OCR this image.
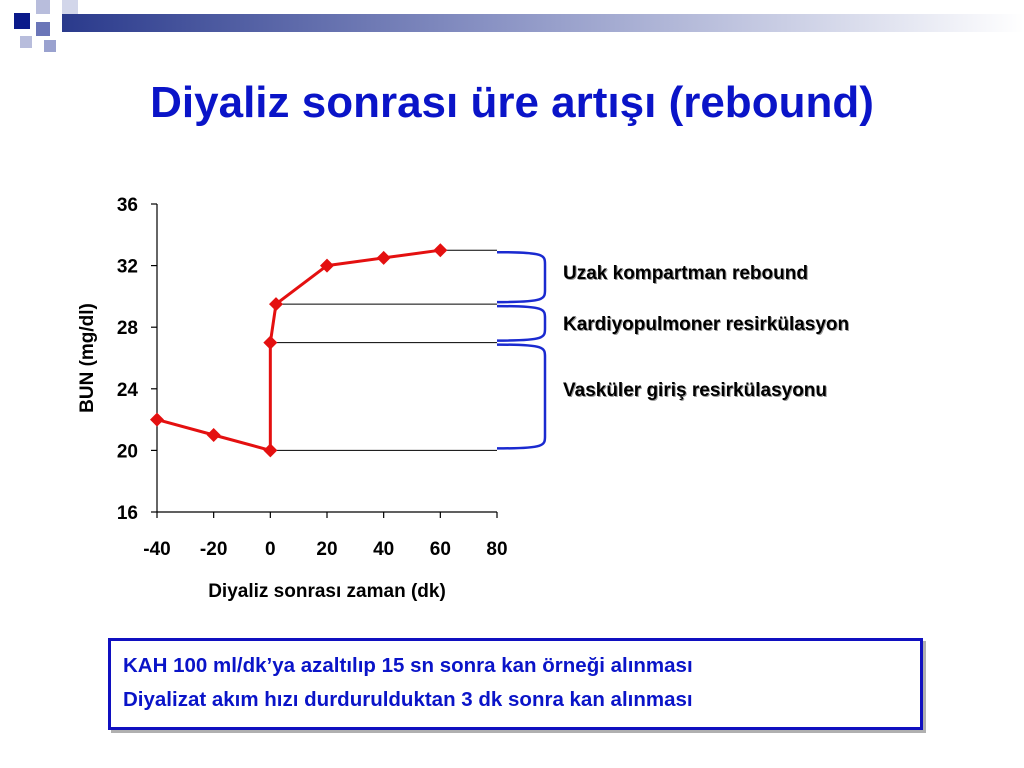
Diyaliz sonrası üre artışı (rebound)
16
20
24
28
32
36
-40 -20 0 20 40 60 80
Diyaliz sonrası zaman (dk)
BUN (mg/dl)
Uzak kompartman rebound
Kardiyopulmoner resirkülasyon
Vasküler giriş resirkülasyonu
KAH 100 ml/dk’ya azaltılıp 15 sn sonra kan örneği alınması
Diyalizat akım hızı durdurulduktan 3 dk sonra kan alınması
